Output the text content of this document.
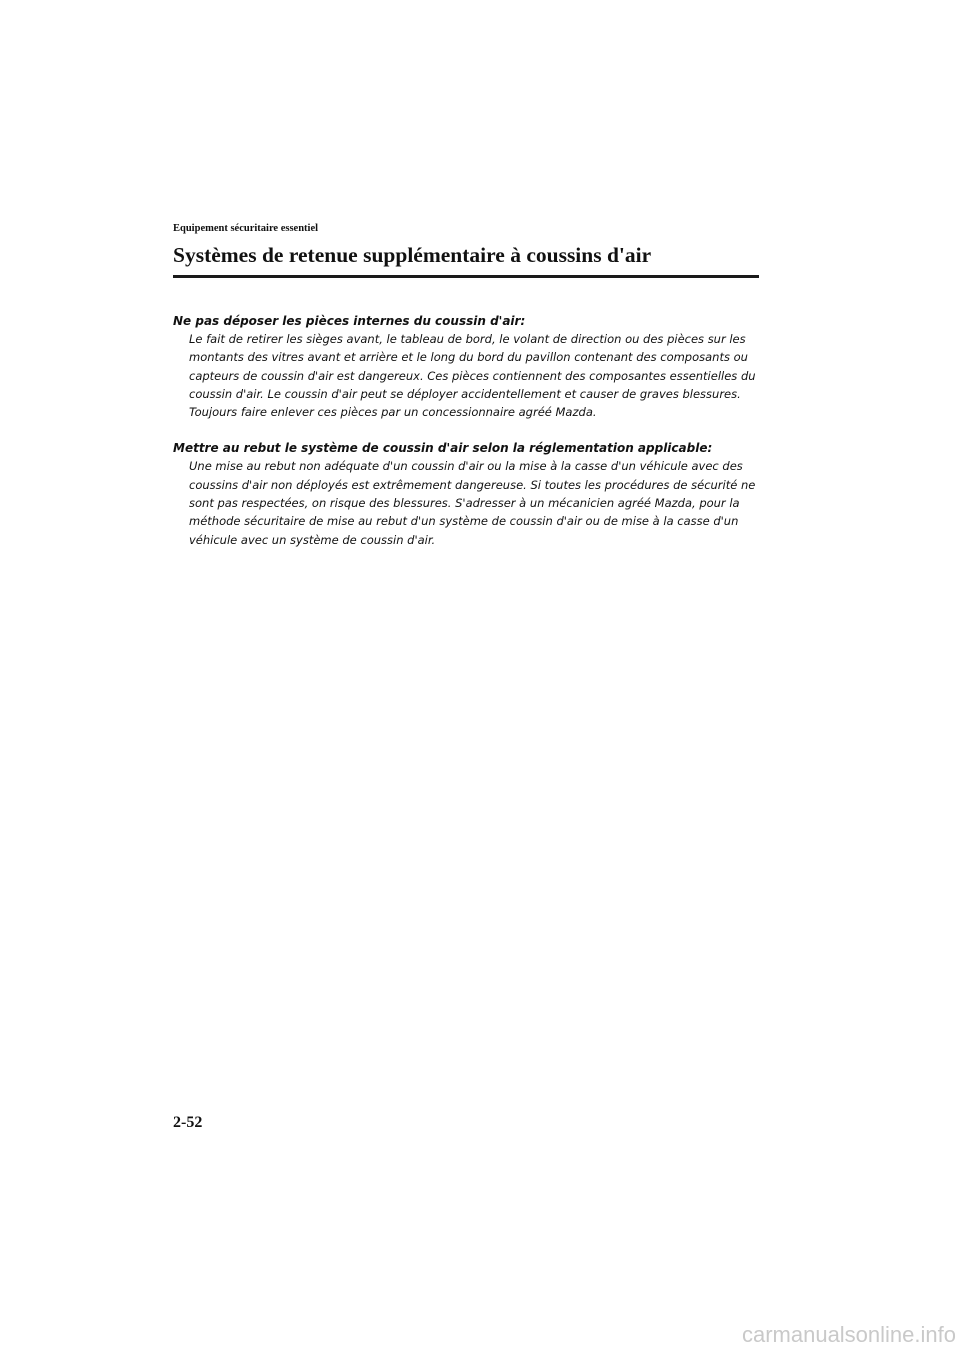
Equipement sécuritaire essentiel
Systèmes de retenue supplémentaire à coussins d'air
Ne pas déposer les pièces internes du coussin d'air:

Le fait de retirer les sièges avant, le tableau de bord, le volant de direction ou des pièces sur les montants des vitres avant et arrière et le long du bord du pavillon contenant des composants ou capteurs de coussin d'air est dangereux. Ces pièces contiennent des composantes essentielles du coussin d'air. Le coussin d'air peut se déployer accidentellement et causer de graves blessures. Toujours faire enlever ces pièces par un concessionnaire agréé Mazda.

Mettre au rebut le système de coussin d'air selon la réglementation applicable:

Une mise au rebut non adéquate d'un coussin d'air ou la mise à la casse d'un véhicule avec des coussins d'air non déployés est extrêmement dangereuse. Si toutes les procédures de sécurité ne sont pas respectées, on risque des blessures. S'adresser à un mécanicien agréé Mazda, pour la méthode sécuritaire de mise au rebut d'un système de coussin d'air ou de mise à la casse d'un véhicule avec un système de coussin d'air.

2-52
carmanualsonline.info
